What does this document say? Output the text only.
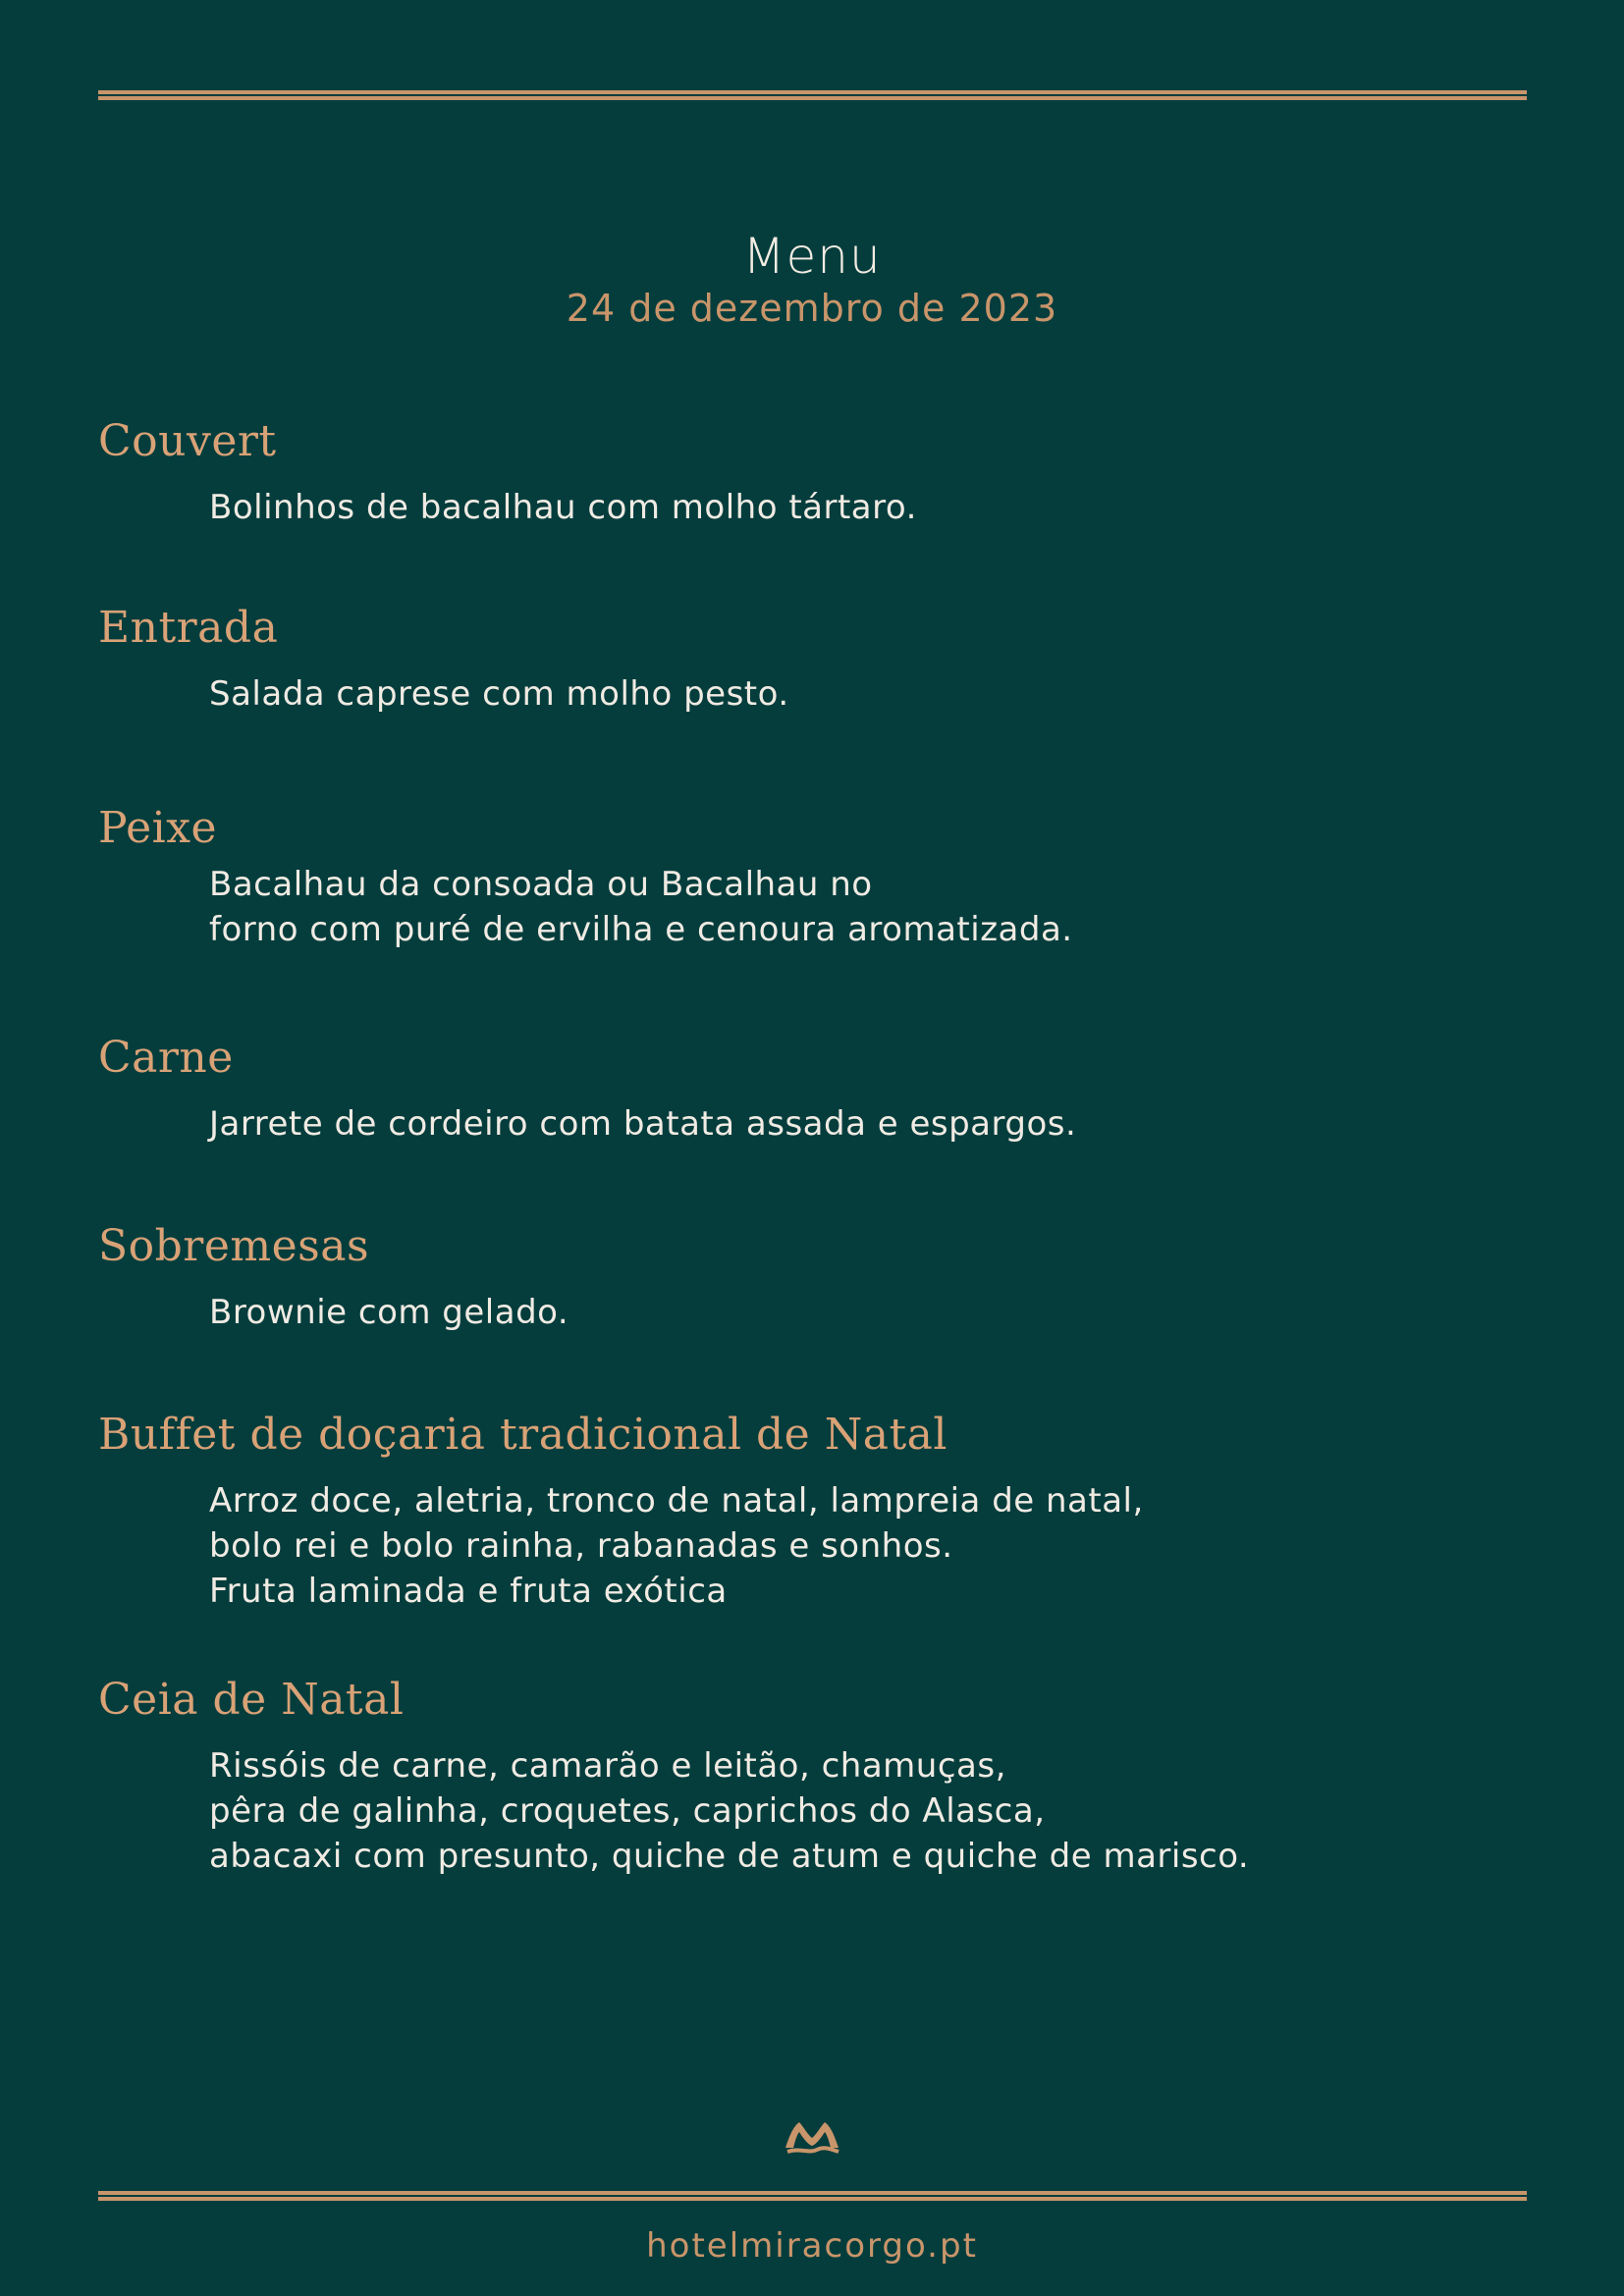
Menu
24 de dezembro de 2023
Couvert
Bolinhos de bacalhau com molho tártaro.
Entrada
Salada caprese com molho pesto.
Peixe
Bacalhau da consoada ou Bacalhau no
forno com puré de ervilha e cenoura aromatizada.
Carne
Jarrete de cordeiro com batata assada e espargos.
Sobremesas
Brownie com gelado.
Buffet de doçaria tradicional de Natal
Arroz doce, aletria, tronco de natal, lampreia de natal,
bolo rei e bolo rainha, rabanadas e sonhos.
Fruta laminada e fruta exótica
Ceia de Natal
Rissóis de carne, camarão e leitão, chamuças,
pêra de galinha, croquetes, caprichos do Alasca,
abacaxi com presunto, quiche de atum e quiche de marisco.
hotelmiracorgo.pt
